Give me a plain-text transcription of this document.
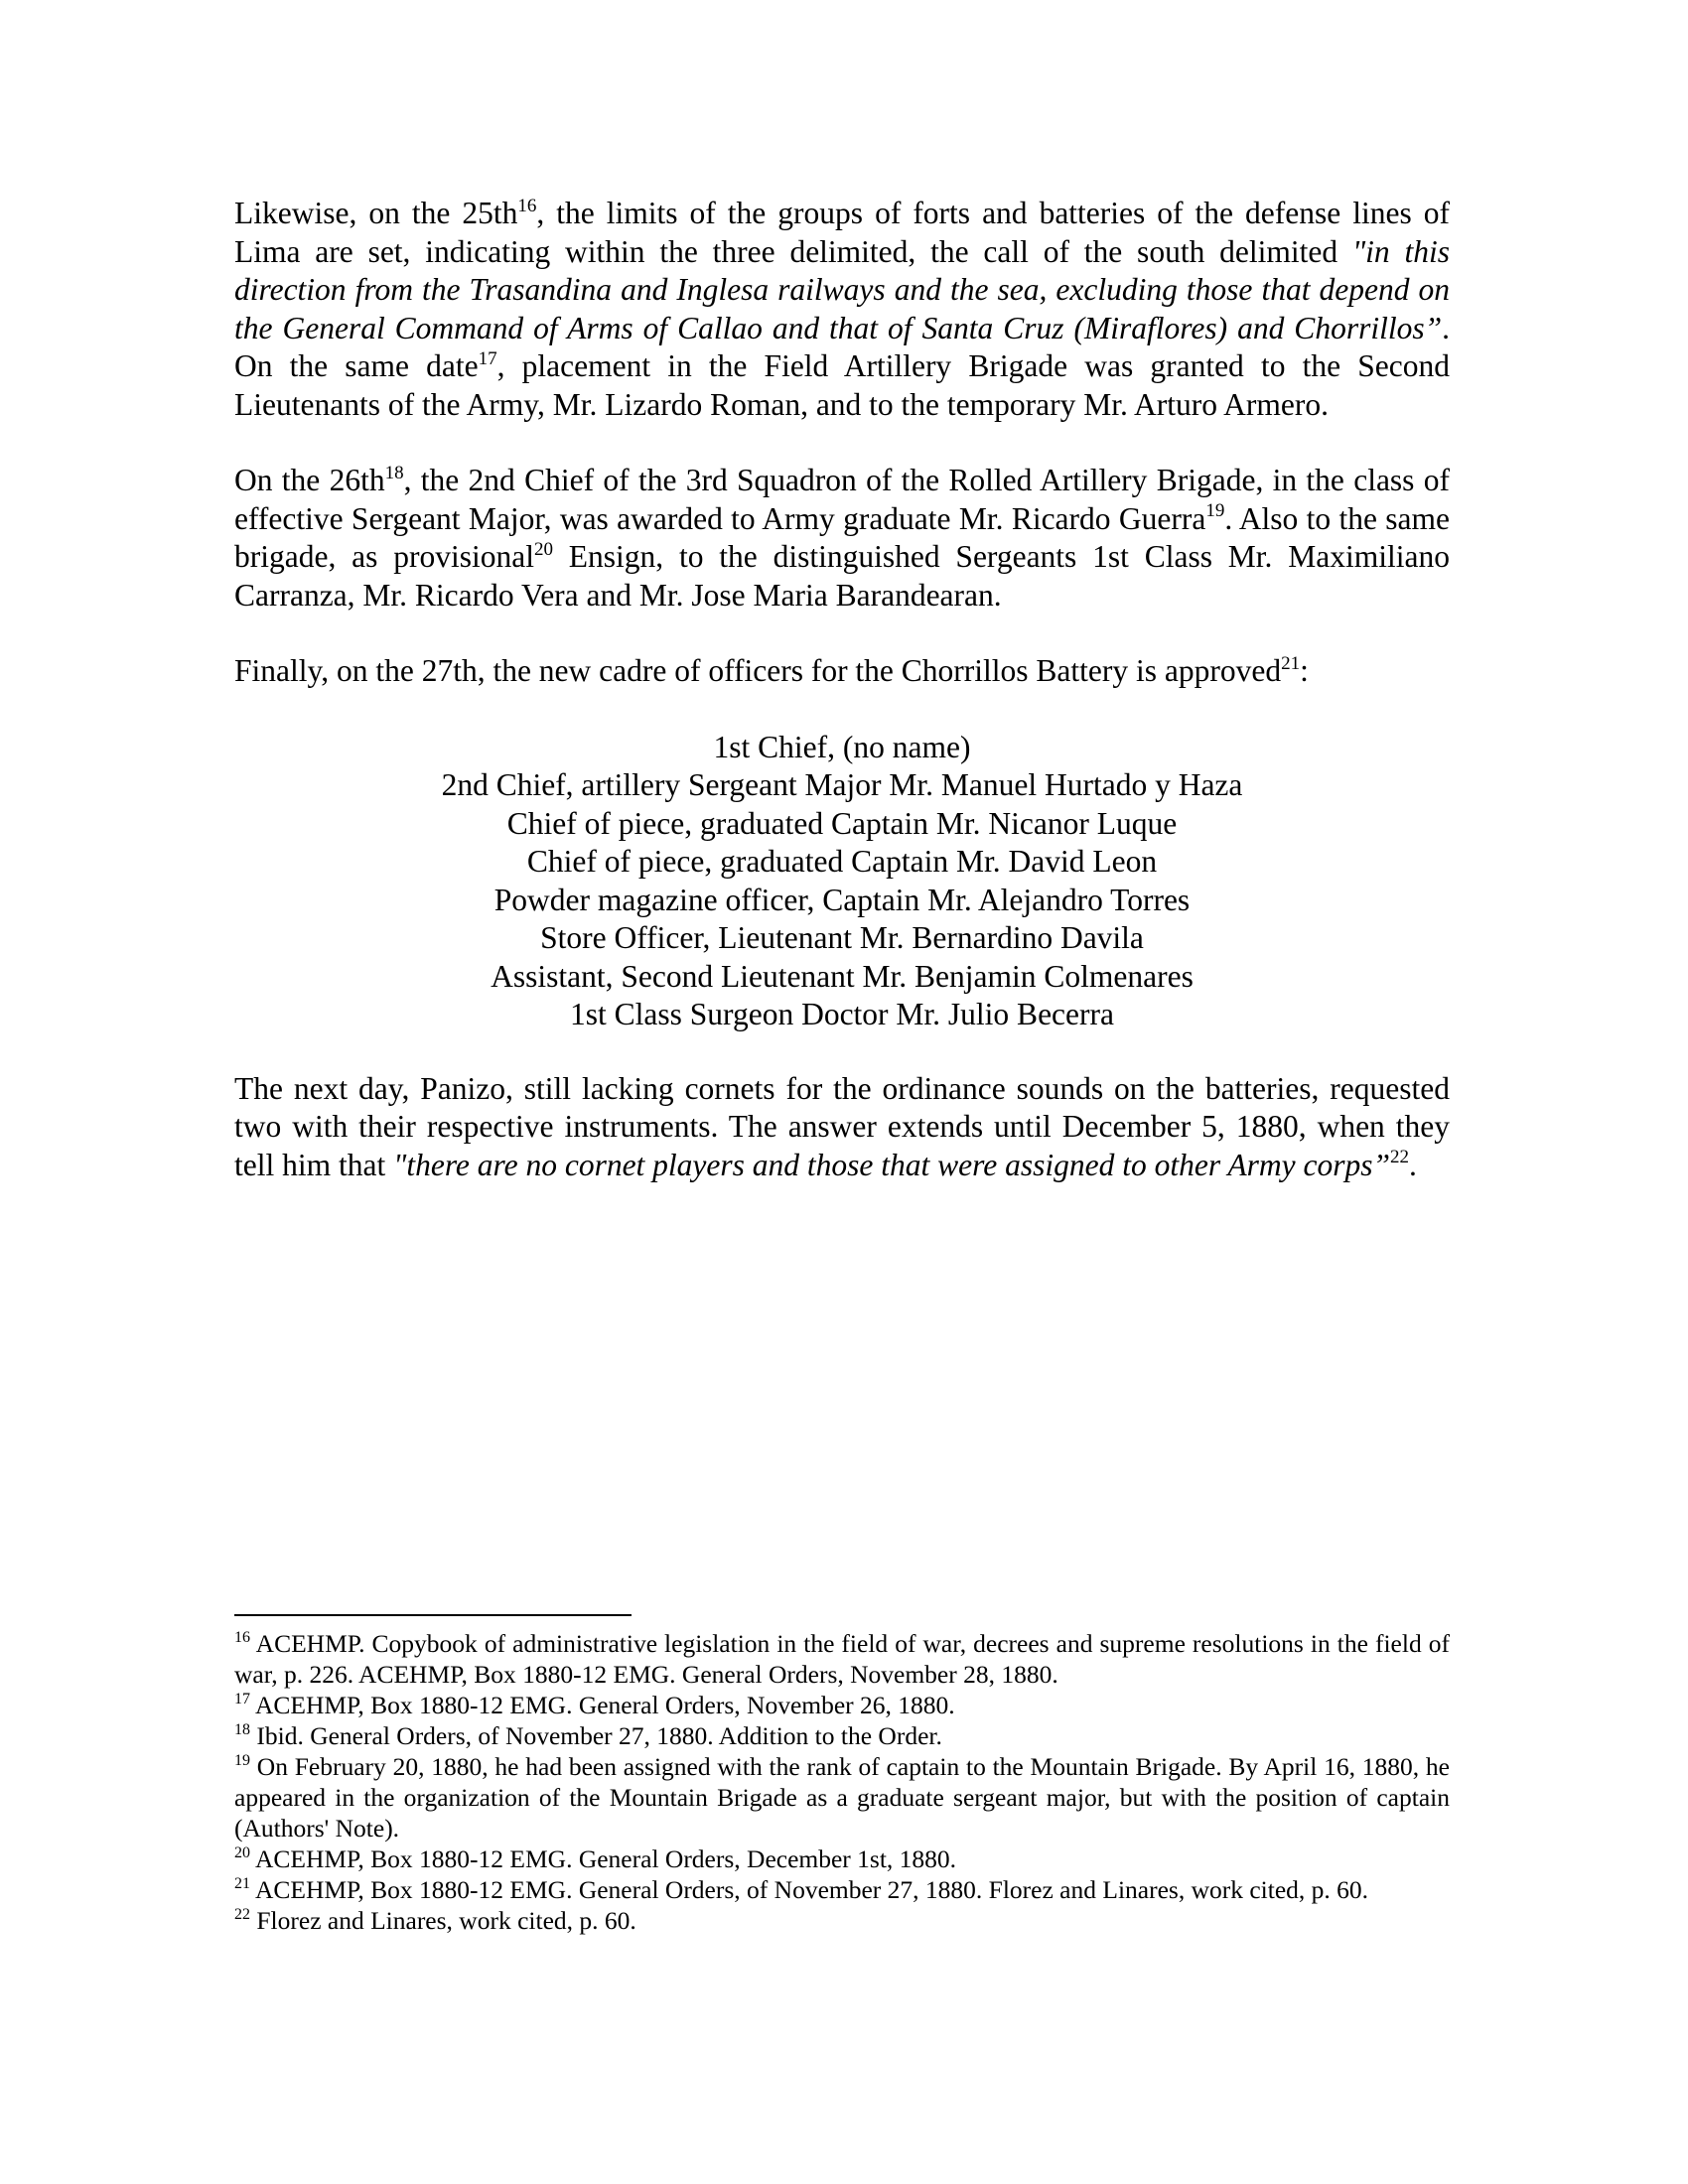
Likewise, on the $25th^{16}$, the limits of the groups of forts and batteries of the defense lines of Lima are set, indicating within the three delimited, the call of the south delimited "in this direction from the Trasandina and Inglesa railways and the sea, excluding those that depend on the General Command of Arms of Callao and that of Santa Cruz (Miraflores) and Chorrillos”. On the same date$^{17}$, placement in the Field Artillery Brigade was granted to the Second Lieutenants of the Army, Mr. Lizardo Roman, and to the temporary Mr. Arturo Armero.

On the $26th^{18}$, the 2nd Chief of the 3rd Squadron of the Rolled Artillery Brigade, in the class of effective Sergeant Major, was awarded to Army graduate Mr. Ricardo Guerra$^{19}$. Also to the same brigade, as provisional$^{20}$ Ensign, to the distinguished Sergeants 1st Class Mr. Maximiliano Carranza, Mr. Ricardo Vera and Mr. Jose Maria Barandearan.

Finally, on the 27th, the new cadre of officers for the Chorrillos Battery is approved$^{21}$:

1st Chief, (no name)
2nd Chief, artillery Sergeant Major Mr. Manuel Hurtado y Haza
Chief of piece, graduated Captain Mr. Nicanor Luque
Chief of piece, graduated Captain Mr. David Leon
Powder magazine officer, Captain Mr. Alejandro Torres
Store Officer, Lieutenant Mr. Bernardino Davila
Assistant, Second Lieutenant Mr. Benjamin Colmenares
1st Class Surgeon Doctor Mr. Julio Becerra

The next day, Panizo, still lacking cornets for the ordinance sounds on the batteries, requested two with their respective instruments. The answer extends until December 5, 1880, when they tell him that "there are no cornet players and those that were assigned to other Army corps”$^{22}$.

$^{16}$ ACEHMP. Copybook of administrative legislation in the field of war, decrees and supreme resolutions in the field of war, p. 226. ACEHMP, Box 1880-12 EMG. General Orders, November 28, 1880.

$^{17}$ ACEHMP, Box 1880-12 EMG. General Orders, November 26, 1880.

$^{18}$ Ibid. General Orders, of November 27, 1880. Addition to the Order.

$^{19}$ On February 20, 1880, he had been assigned with the rank of captain to the Mountain Brigade. By April 16, 1880, he appeared in the organization of the Mountain Brigade as a graduate sergeant major, but with the position of captain (Authors' Note).

$^{20}$ ACEHMP, Box 1880-12 EMG. General Orders, December 1st, 1880.

$^{21}$ ACEHMP, Box 1880-12 EMG. General Orders, of November 27, 1880. Florez and Linares, work cited, p. 60.

$^{22}$ Florez and Linares, work cited, p. 60.
